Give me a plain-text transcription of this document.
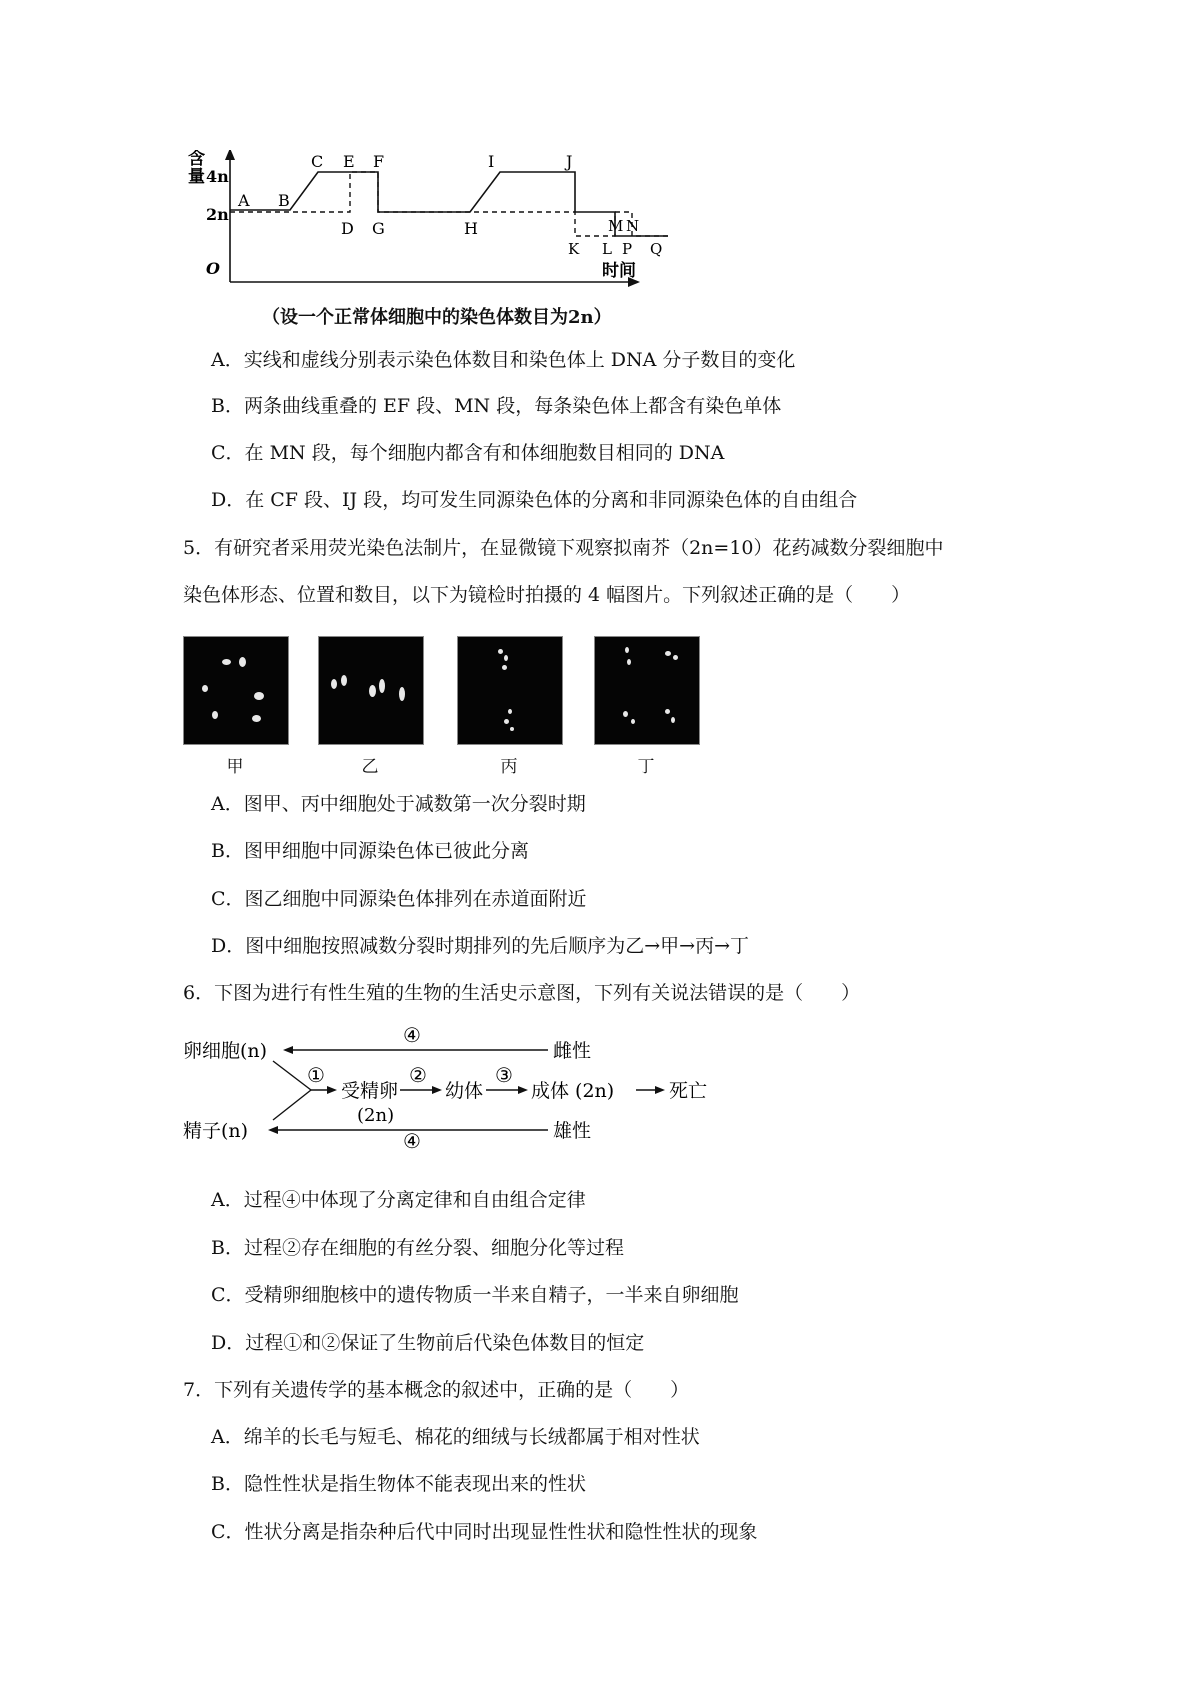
含
量 4n
2n
O	时间
A B
C E F	I	J
M N
D G	H
K L P Q
（设一个正常体细胞中的染色体数目为2n）
A．实线和虚线分别表示染色体数目和染色体上 DNA 分子数目的变化
B．两条曲线重叠的 EF 段、MN 段，每条染色体上都含有染色单体
C．在 MN 段，每个细胞内都含有和体细胞数目相同的 DNA
D．在 CF 段、IJ 段，均可发生同源染色体的分离和非同源染色体的自由组合
5．有研究者采用荧光染色法制片，在显微镜下观察拟南芥（2n=10）花药减数分裂细胞中
染色体形态、位置和数目，以下为镜检时拍摄的 4 幅图片。下列叙述正确的是（　　）
甲	乙	丙	丁
A．图甲、丙中细胞处于减数第一次分裂时期
B．图甲细胞中同源染色体已彼此分离
C．图乙细胞中同源染色体排列在赤道面附近
D．图中细胞按照减数分裂时期排列的先后顺序为乙→甲→丙→丁
6．下图为进行有性生殖的生物的生活史示意图，下列有关说法错误的是（　　）
卵细胞(n)
精子(n)
雌性
雄性
④
④
①
受精卵
(2n)
②
幼体
③
成体 (2n)	死亡
A．过程④中体现了分离定律和自由组合定律
B．过程②存在细胞的有丝分裂、细胞分化等过程
C．受精卵细胞核中的遗传物质一半来自精子，一半来自卵细胞
D．过程①和②保证了生物前后代染色体数目的恒定
7．下列有关遗传学的基本概念的叙述中，正确的是（　　）
A．绵羊的长毛与短毛、棉花的细绒与长绒都属于相对性状
B．隐性性状是指生物体不能表现出来的性状
C．性状分离是指杂种后代中同时出现显性性状和隐性性状的现象
